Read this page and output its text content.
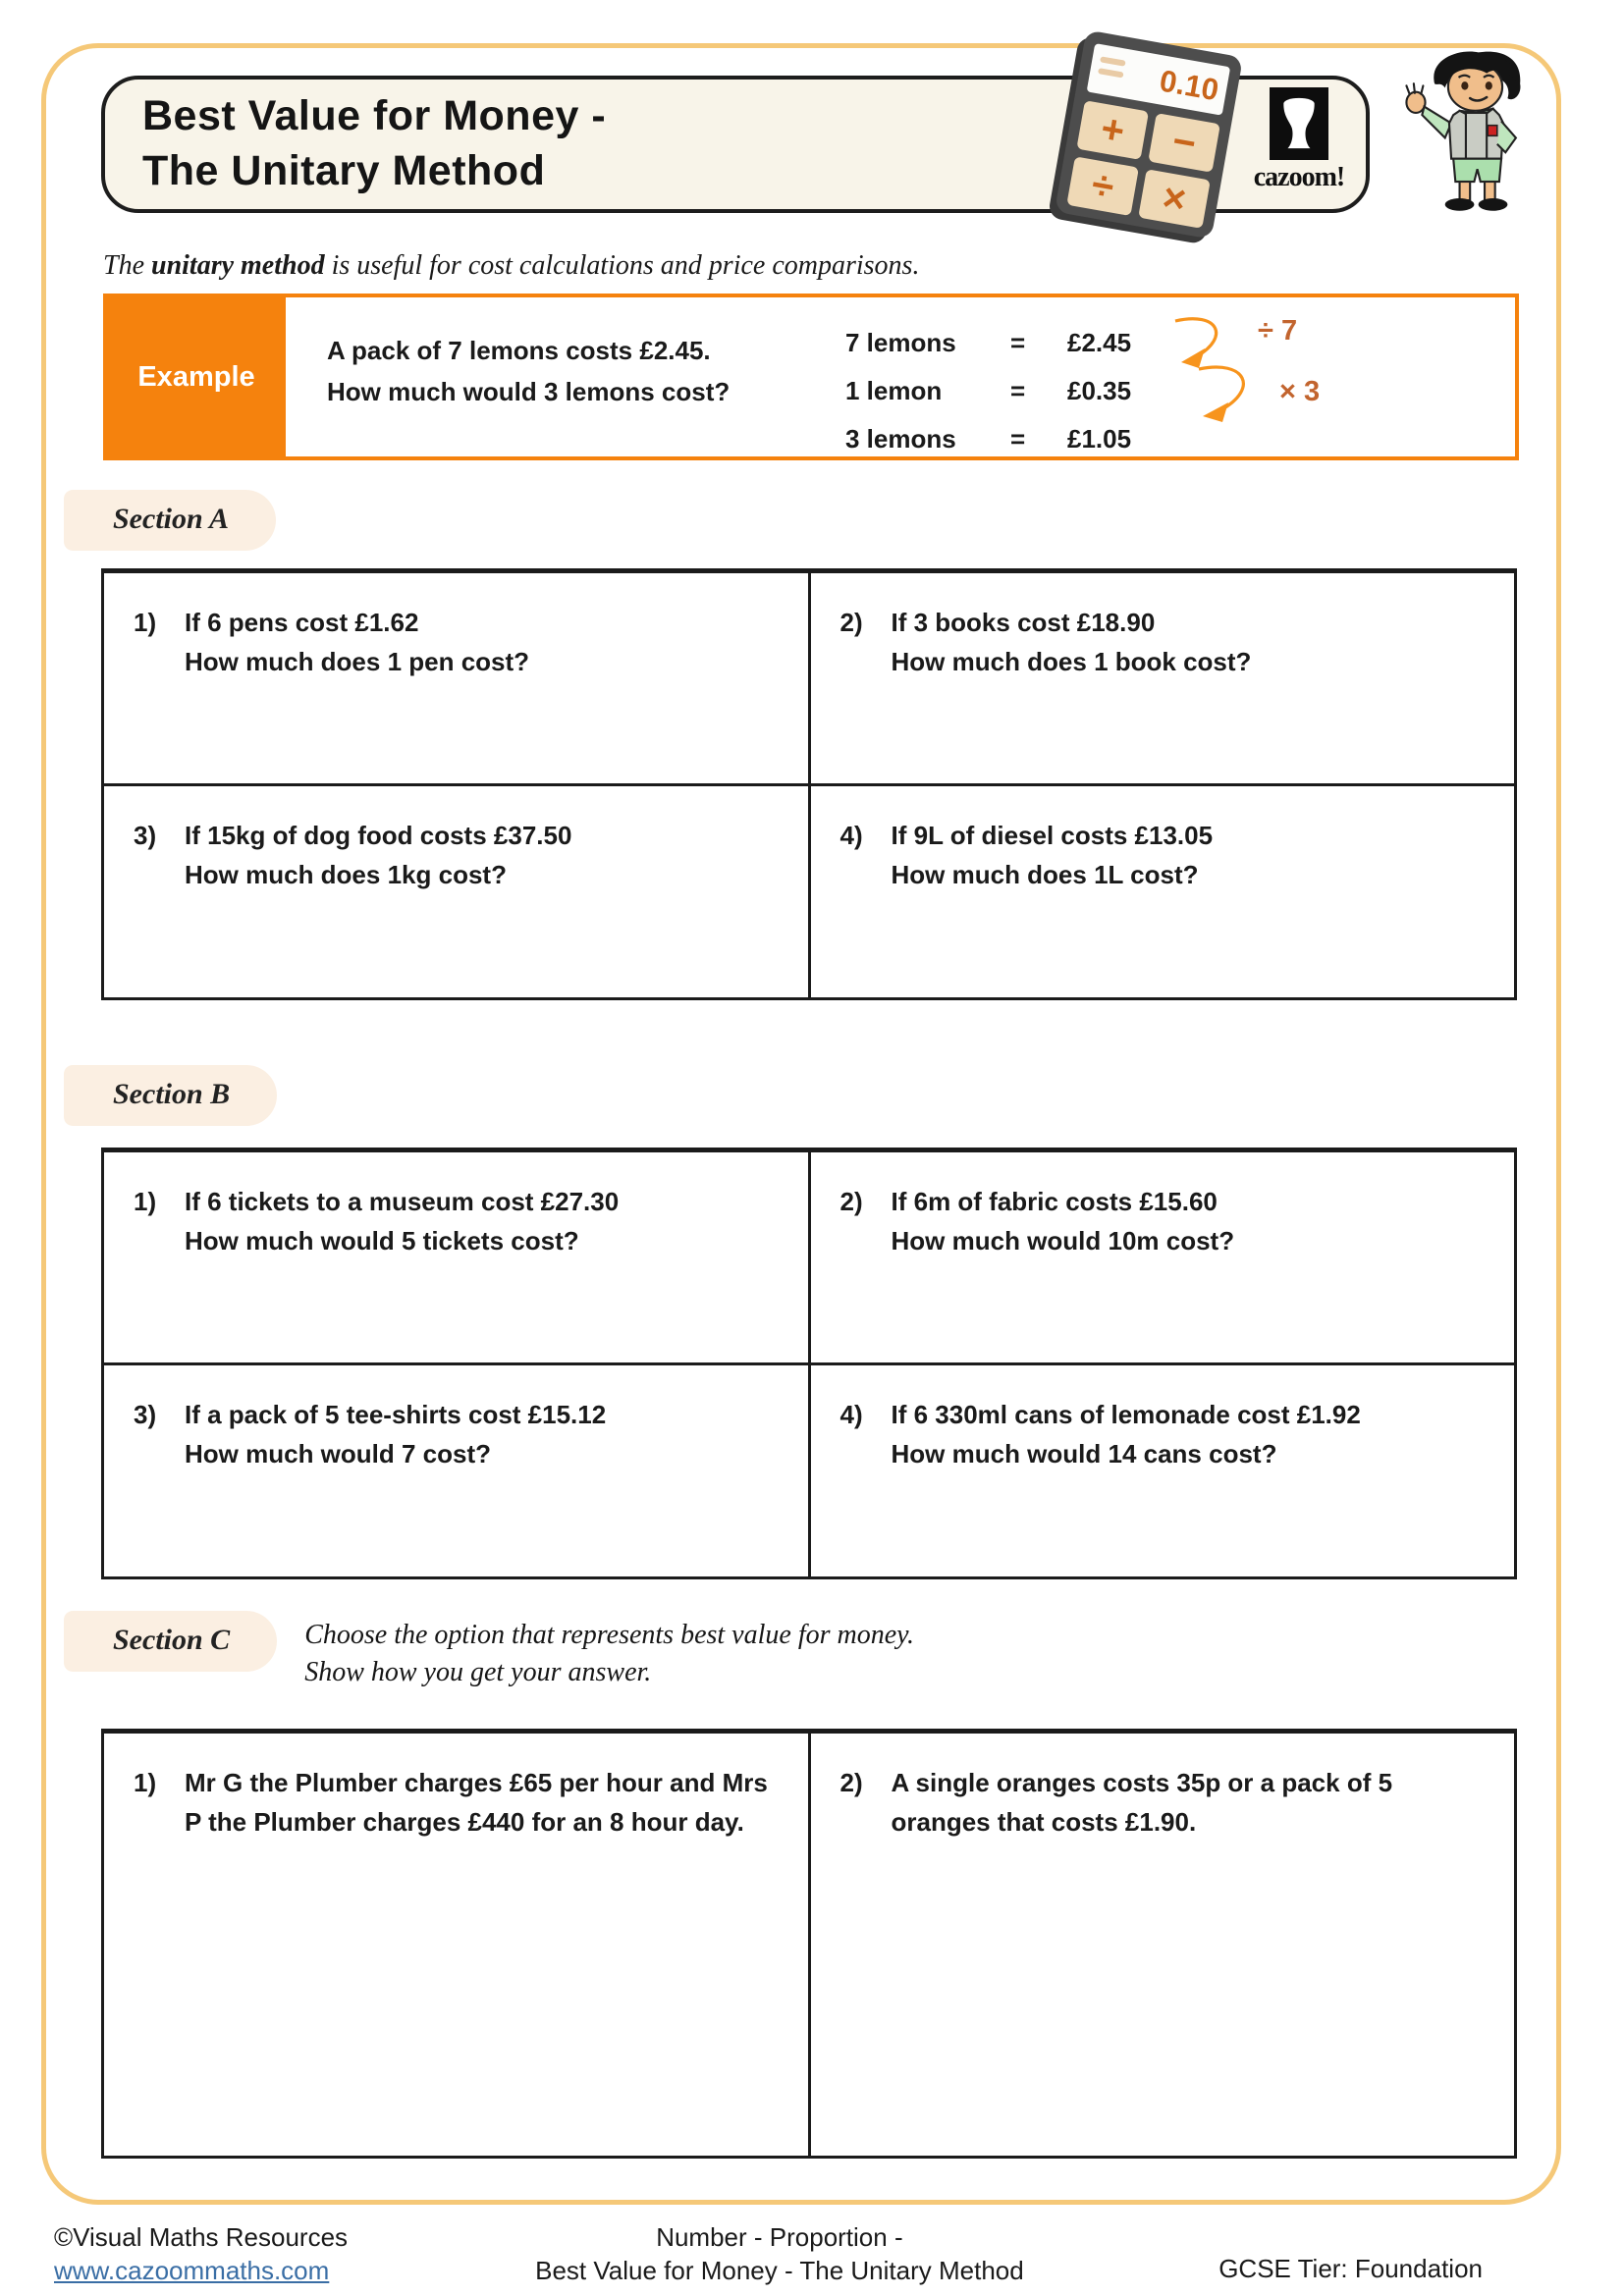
Best Value for Money -
The Unitary Method
0.10
+	−
÷	×	cazoom!
The unitary method is useful for cost calculations and price comparisons.
Example
A pack of 7 lemons costs £2.45.
How much would 3 lemons cost?
7 lemons	=	£2.45
1 lemon	=	£0.35
3 lemons	=	£1.05
÷ 7
× 3
Section A
1)	If 6 pens cost £1.62
How much does 1 pen cost?

2)	If 3 books cost £18.90
How much does 1 book cost?

3)	If 15kg of dog food costs £37.50
How much does 1kg cost?

4)	If 9L of diesel costs £13.05
How much does 1L cost?
Section B
1)	If 6 tickets to a museum cost £27.30
How much would 5 tickets cost?

2)	If 6m of fabric costs £15.60
How much would 10m cost?

3)	If a pack of 5 tee-shirts cost £15.12
How much would 7 cost?

4)	If 6 330ml cans of lemonade cost £1.92
How much would 14 cans cost?
Section C	Choose the option that represents best value for money.
Show how you get your answer.
1)	Mr G the Plumber charges £65 per hour and Mrs P the Plumber charges £440 for an 8 hour day.

2)	A single oranges costs 35p or a pack of 5 oranges that costs £1.90.
©Visual Maths Resources
www.cazoommaths.com
Number - Proportion -
Best Value for Money - The Unitary Method	GCSE Tier: Foundation
